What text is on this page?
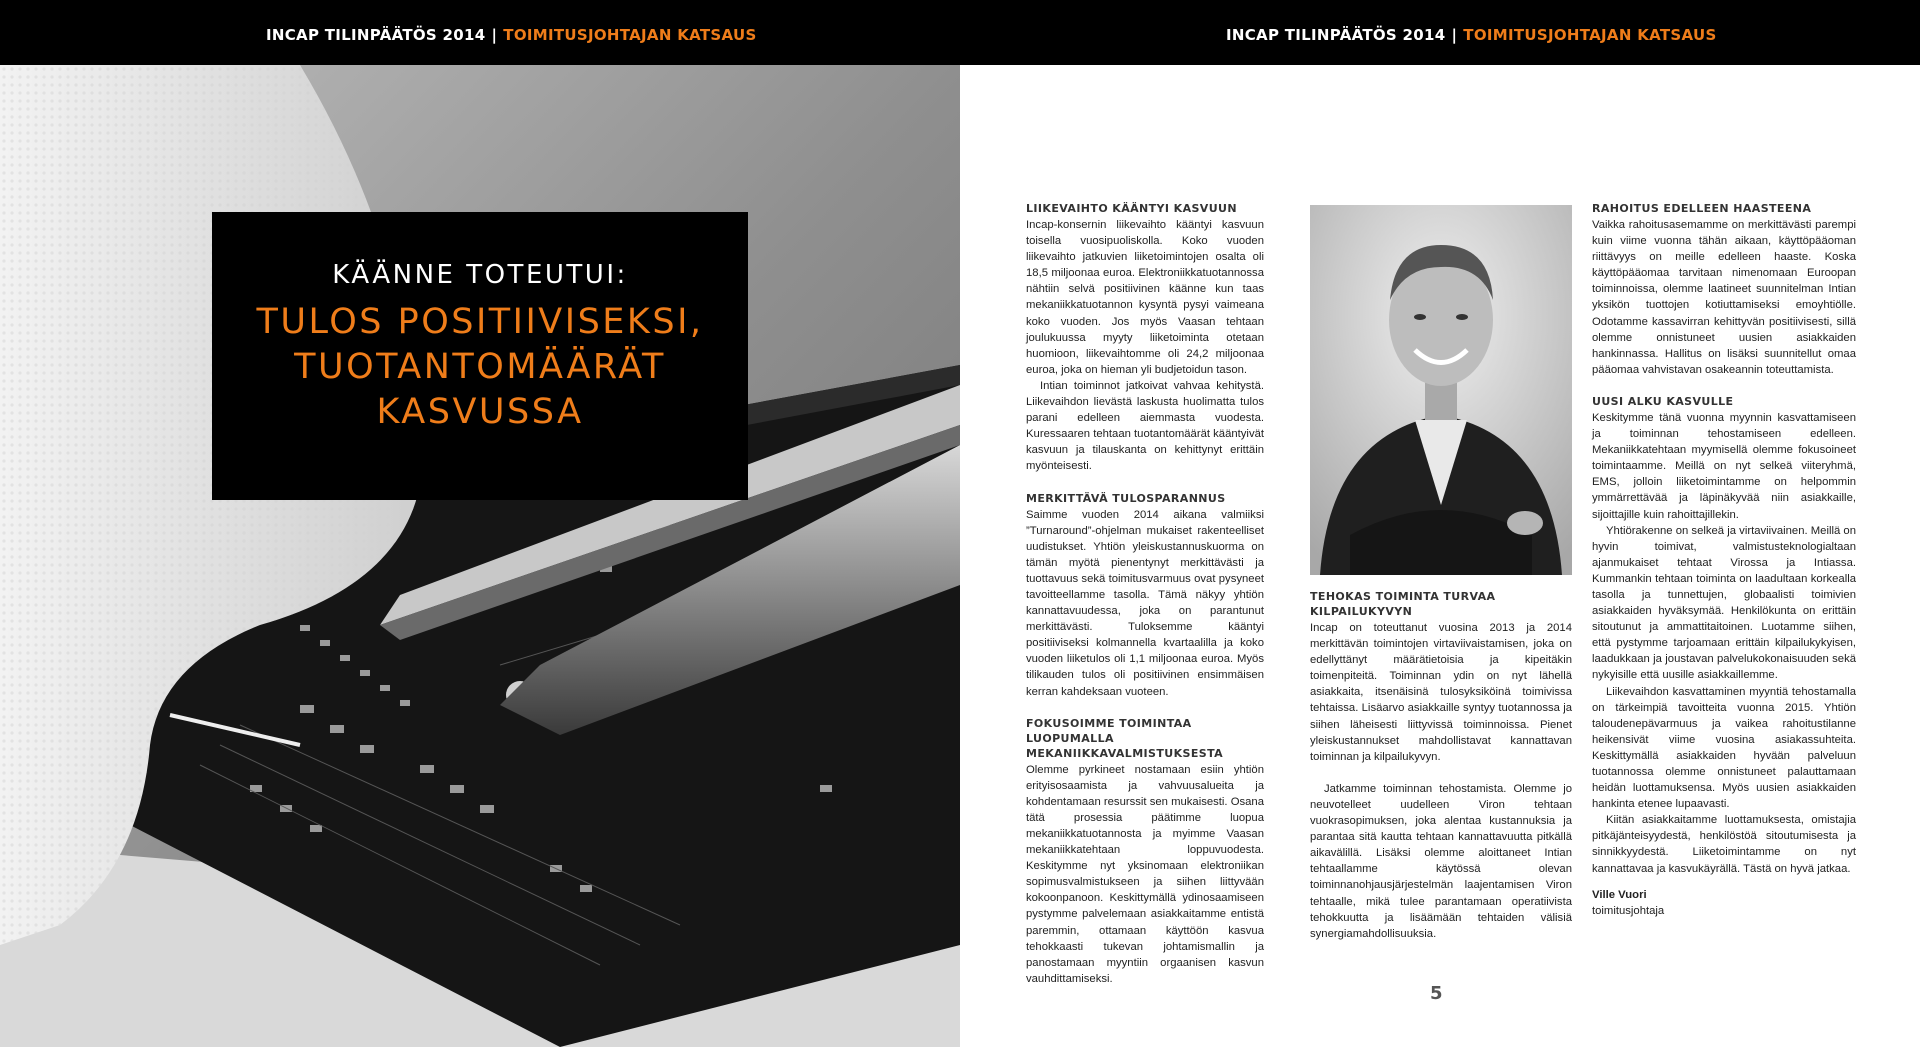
INCAP TILINPÄÄTÖS 2014 | TOIMITUSJOHTAJAN KATSAUS	INCAP TILINPÄÄTÖS 2014 | TOIMITUSJOHTAJAN KATSAUS
KÄÄNNE TOTEUTUI:
TULOS POSITIIVISEKSI,
TUOTANTOMÄÄRÄT
KASVUSSA
LIIKEVAIHTO KÄÄNTYI KASVUUN

Incap-konsernin liikevaihto kääntyi kasvuun toisella vuosipuoliskolla. Koko vuoden liikevaihto jatkuvien liiketoimintojen osalta oli 18,5 miljoonaa euroa. Elektroniikkatuotannossa nähtiin selvä positiivinen käänne kun taas mekaniikkatuotannon kysyntä pysyi vaimeana koko vuoden. Jos myös Vaasan tehtaan joulukuussa myyty liiketoiminta otetaan huomioon, liikevaihtomme oli 24,2 miljoonaa euroa, joka on hieman yli budjetoidun tason.

Intian toiminnot jatkoivat vahvaa kehitystä. Liikevaihdon lievästä laskusta huolimatta tulos parani edelleen aiemmasta vuodesta. Kuressaaren tehtaan tuotantomäärät kääntyivät kasvuun ja tilauskanta on kehittynyt erittäin myönteisesti.

MERKITTÄVÄ TULOSPARANNUS

Saimme vuoden 2014 aikana valmiiksi ”Turnaround”-ohjelman mukaiset rakenteelliset uudistukset. Yhtiön yleiskustannuskuorma on tämän myötä pienentynyt merkittävästi ja tuottavuus sekä toimitusvarmuus ovat pysyneet tavoitteellamme tasolla. Tämä näkyy yhtiön kannattavuudessa, joka on parantunut merkittävästi. Tuloksemme kääntyi positiiviseksi kolmannella kvartaalilla ja koko vuoden liiketulos oli 1,1 miljoonaa euroa. Myös tilikauden tulos oli positiivinen ensimmäisen kerran kahdeksaan vuoteen.

FOKUSOIMME TOIMINTAA LUOPUMALLA MEKANIIKKAVALMISTUKSESTA

Olemme pyrkineet nostamaan esiin yhtiön erityisosaamista ja vahvuusalueita ja kohdentamaan resurssit sen mukaisesti. Osana tätä prosessia päätimme luopua mekaniikkatuotannosta ja myimme Vaasan mekaniikkatehtaan loppuvuodesta. Keskitymme nyt yksinomaan elektroniikan sopimusvalmistukseen ja siihen liittyvään kokoonpanoon. Keskittymällä ydinosaamiseen pystymme palvelemaan asiakkaitamme entistä paremmin, ottamaan käyttöön kasvua tehokkaasti tukevan johtamismallin ja panostamaan myyntiin orgaanisen kasvun vauhdittamiseksi.

TEHOKAS TOIMINTA TURVAA KILPAILUKYVYN

Incap on toteuttanut vuosina 2013 ja 2014 merkittävän toimintojen virtaviivaistamisen, joka on edellyttänyt määrätietoisia ja kipeitäkin toimenpiteitä. Toiminnan ydin on nyt lähellä asiakkaita, itsenäisinä tulosyksiköinä toimivissa tehtaissa. Lisäarvo asiakkaille syntyy tuotannossa ja siihen läheisesti liittyvissä toiminnoissa. Pienet yleiskustannukset mahdollistavat kannattavan toiminnan ja kilpailukyvyn.

Jatkamme toiminnan tehostamista. Olemme jo neuvotelleet uudelleen Viron tehtaan vuokrasopimuksen, joka alentaa kustannuksia ja parantaa sitä kautta tehtaan kannattavuutta pitkällä aikavälillä. Lisäksi olemme aloittaneet Intian tehtaallamme käytössä olevan toiminnanohjausjärjestelmän laajentamisen Viron tehtaalle, mikä tulee parantamaan operatiivista tehokkuutta ja lisäämään tehtaiden välisiä synergiamahdollisuuksia.

RAHOITUS EDELLEEN HAASTEENA

Vaikka rahoitusasemamme on merkittävästi parempi kuin viime vuonna tähän aikaan, käyttöpääoman riittävyys on meille edelleen haaste. Koska käyttöpääomaa tarvitaan nimenomaan Euroopan toiminnoissa, olemme laatineet suunnitelman Intian yksikön tuottojen kotiuttamiseksi emoyhtiölle. Odotamme kassavirran kehittyvän positiivisesti, sillä olemme onnistuneet uusien asiakkaiden hankinnassa. Hallitus on lisäksi suunnitellut omaa pääomaa vahvistavan osakeannin toteuttamista.

UUSI ALKU KASVULLE

Keskitymme tänä vuonna myynnin kasvattamiseen ja toiminnan tehostamiseen edelleen. Mekaniikkatehtaan myymisellä olemme fokusoineet toimintaamme. Meillä on nyt selkeä viiteryhmä, EMS, jolloin liiketoimintamme on helpommin ymmärrettävää ja läpinäkyvää niin asiakkaille, sijoittajille kuin rahoittajillekin.

Yhtiörakenne on selkeä ja virtaviivainen. Meillä on hyvin toimivat, valmistusteknologialtaan ajanmukaiset tehtaat Virossa ja Intiassa. Kummankin tehtaan toiminta on laadultaan korkealla tasolla ja tunnettujen, globaalisti toimivien asiakkaiden hyväksymää. Henkilökunta on erittäin sitoutunut ja ammattitaitoinen. Luotamme siihen, että pystymme tarjoamaan erittäin kilpailukykyisen, laadukkaan ja joustavan palvelukokonaisuuden sekä nykyisille että uusille asiakkaillemme.

Liikevaihdon kasvattaminen myyntiä tehostamalla on tärkeimpiä tavoitteita vuonna 2015. Yhtiön taloudenepävarmuus ja vaikea rahoitustilanne heikensivät viime vuosina asiakassuhteita. Keskittymällä asiakkaiden hyvään palveluun tuotannossa olemme onnistuneet palauttamaan heidän luottamuksensa. Myös uusien asiakkaiden hankinta etenee lupaavasti.

Kiitän asiakkaitamme luottamuksesta, omistajia pitkäjänteisyydestä, henkilöstöä sitoutumisesta ja sinnikkyydestä. Liiketoimintamme on nyt kannattavaa ja kasvukäyrällä. Tästä on hyvä jatkaa.

Ville Vuori
toimitusjohtaja
5
